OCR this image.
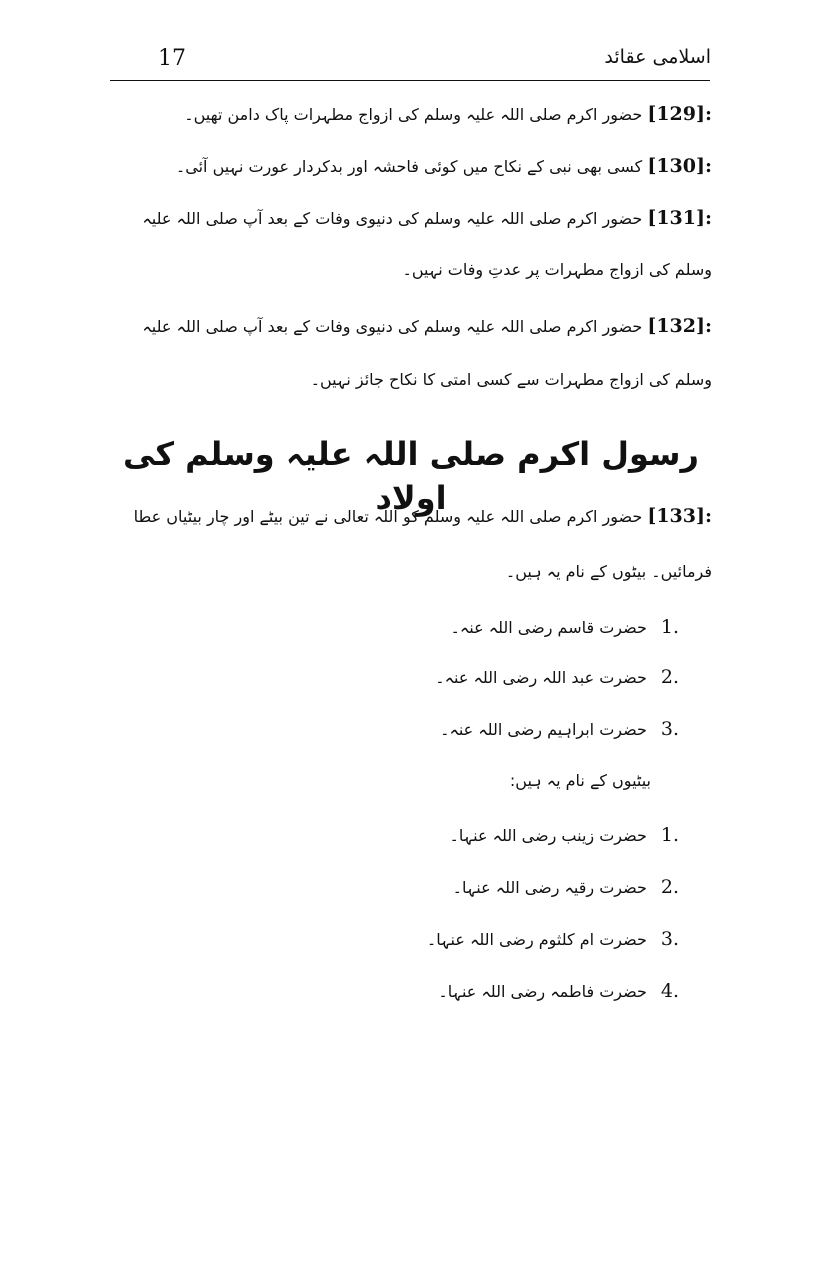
اسلامی عقائد
17
[129]: حضور اکرم صلی اللہ علیہ وسلم کی ازواج مطہرات پاک دامن تھیں۔
[130]: کسی بھی نبی کے نکاح میں کوئی فاحشہ اور بدکردار عورت نہیں آئی۔
[131]: حضور اکرم صلی اللہ علیہ وسلم کی دنیوی وفات کے بعد آپ صلی اللہ علیہ
وسلم کی ازواج مطہرات پر عدتِ وفات نہیں۔
[132]: حضور اکرم صلی اللہ علیہ وسلم کی دنیوی وفات کے بعد آپ صلی اللہ علیہ
وسلم کی ازواج مطہرات سے کسی امتی کا نکاح جائز نہیں۔
رسول اکرم صلی اللہ علیہ وسلم کی اولاد	[133]: حضور اکرم صلی اللہ علیہ وسلم کو اللہ تعالی نے تین بیٹے اور چار بیٹیاں عطا
فرمائیں۔ بیٹوں کے نام یہ ہیں۔
1.حضرت قاسم رضی اللہ عنہ۔
2.حضرت عبد اللہ رضی اللہ عنہ۔
3.حضرت ابراہیم رضی اللہ عنہ۔
بیٹیوں کے نام یہ ہیں:
1.حضرت زینب رضی اللہ عنہا۔
2.حضرت رقیہ رضی اللہ عنہا۔
3.حضرت ام کلثوم رضی اللہ عنہا۔
4.حضرت فاطمہ رضی اللہ عنہا۔
